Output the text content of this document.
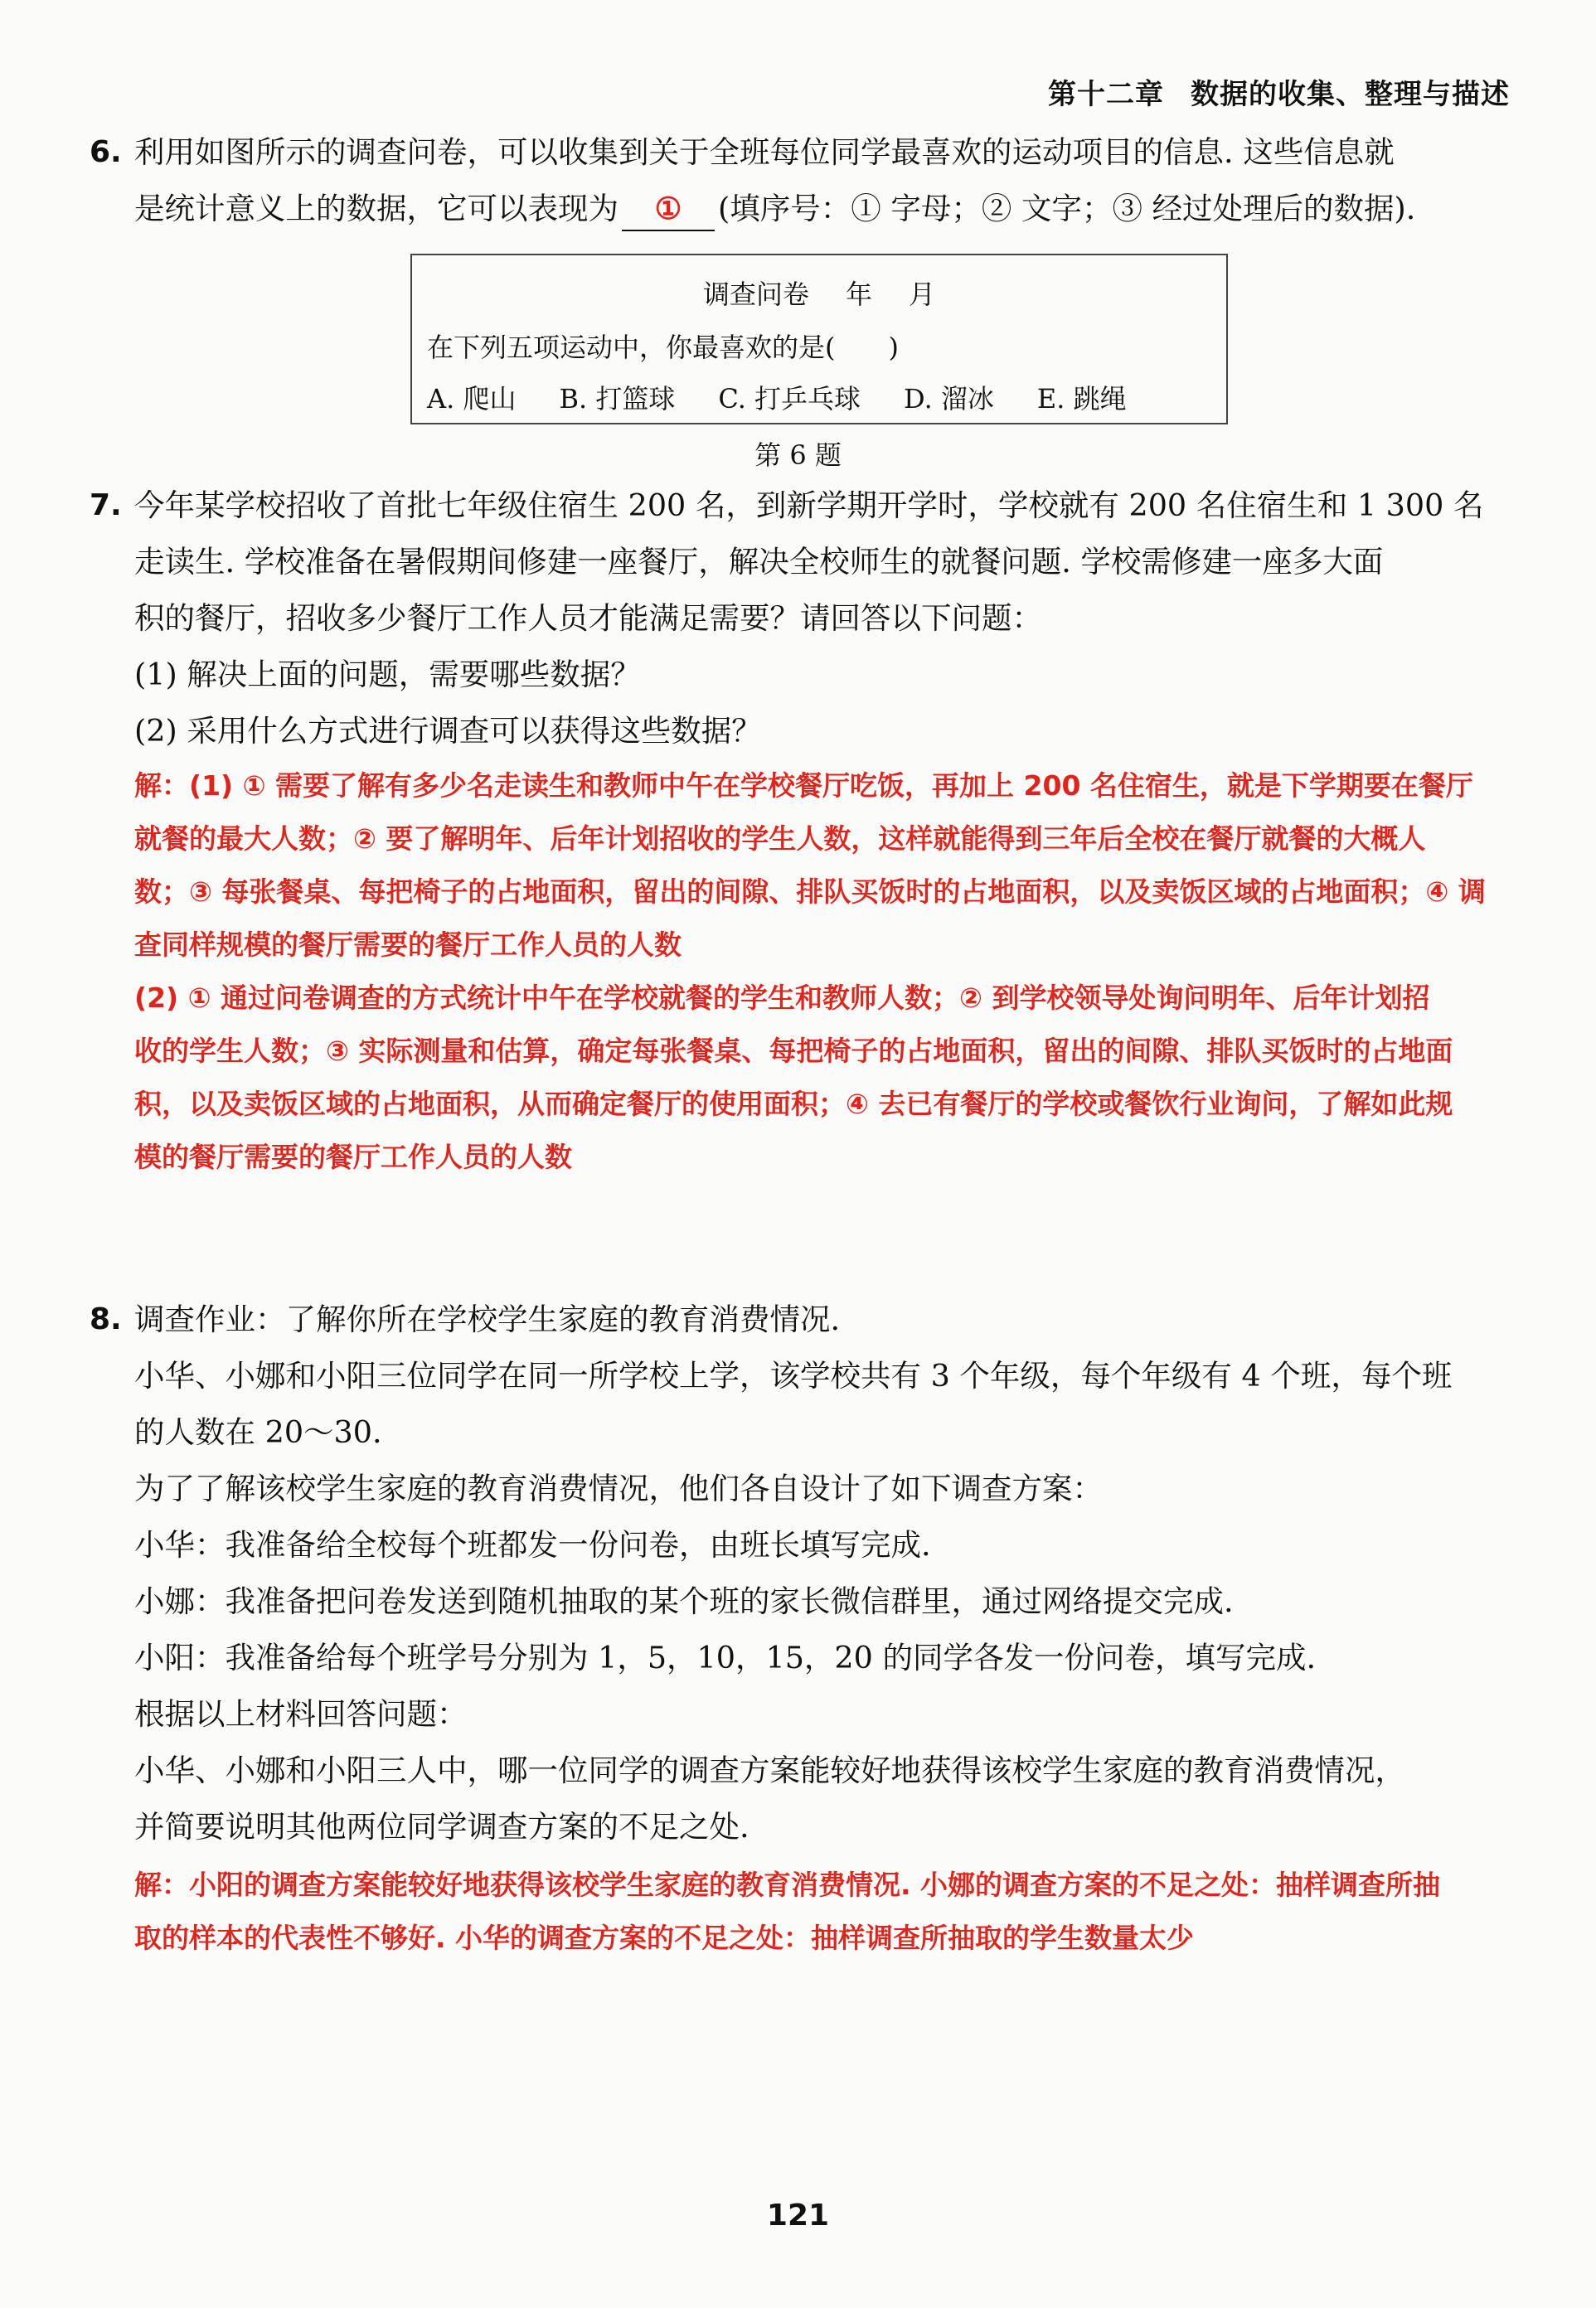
第十二章 数据的收集、整理与描述
6. 利用如图所示的调查问卷，可以收集到关于全班每位同学最喜欢的运动项目的信息. 这些信息就
是统计意义上的数据，它可以表现为 ① (填序号：① 字母；② 文字；③ 经过处理后的数据).
调查问卷 年 月
在下列五项运动中，你最喜欢的是(　　)
A. 爬山 B. 打篮球 C. 打乒乓球 D. 溜冰 E. 跳绳
第 6 题
7. 今年某学校招收了首批七年级住宿生 200 名，到新学期开学时，学校就有 200 名住宿生和 1 300 名
走读生. 学校准备在暑假期间修建一座餐厅，解决全校师生的就餐问题. 学校需修建一座多大面
积的餐厅，招收多少餐厅工作人员才能满足需要？请回答以下问题：
(1) 解决上面的问题，需要哪些数据？
(2) 采用什么方式进行调查可以获得这些数据？
解：(1) ① 需要了解有多少名走读生和教师中午在学校餐厅吃饭，再加上 200 名住宿生，就是下学期要在餐厅
就餐的最大人数；② 要了解明年、后年计划招收的学生人数，这样就能得到三年后全校在餐厅就餐的大概人
数；③ 每张餐桌、每把椅子的占地面积，留出的间隙、排队买饭时的占地面积，以及卖饭区域的占地面积；④ 调
查同样规模的餐厅需要的餐厅工作人员的人数
(2) ① 通过问卷调查的方式统计中午在学校就餐的学生和教师人数；② 到学校领导处询问明年、后年计划招
收的学生人数；③ 实际测量和估算，确定每张餐桌、每把椅子的占地面积，留出的间隙、排队买饭时的占地面
积，以及卖饭区域的占地面积，从而确定餐厅的使用面积；④ 去已有餐厅的学校或餐饮行业询问，了解如此规
模的餐厅需要的餐厅工作人员的人数
8. 调查作业：了解你所在学校学生家庭的教育消费情况.
小华、小娜和小阳三位同学在同一所学校上学，该学校共有 3 个年级，每个年级有 4 个班，每个班
的人数在 20～30.
为了了解该校学生家庭的教育消费情况，他们各自设计了如下调查方案：
小华：我准备给全校每个班都发一份问卷，由班长填写完成.
小娜：我准备把问卷发送到随机抽取的某个班的家长微信群里，通过网络提交完成.
小阳：我准备给每个班学号分别为 1，5，10，15，20 的同学各发一份问卷，填写完成.
根据以上材料回答问题：
小华、小娜和小阳三人中，哪一位同学的调查方案能较好地获得该校学生家庭的教育消费情况，
并简要说明其他两位同学调查方案的不足之处.
解：小阳的调查方案能较好地获得该校学生家庭的教育消费情况. 小娜的调查方案的不足之处：抽样调查所抽
取的样本的代表性不够好. 小华的调查方案的不足之处：抽样调查所抽取的学生数量太少
121
